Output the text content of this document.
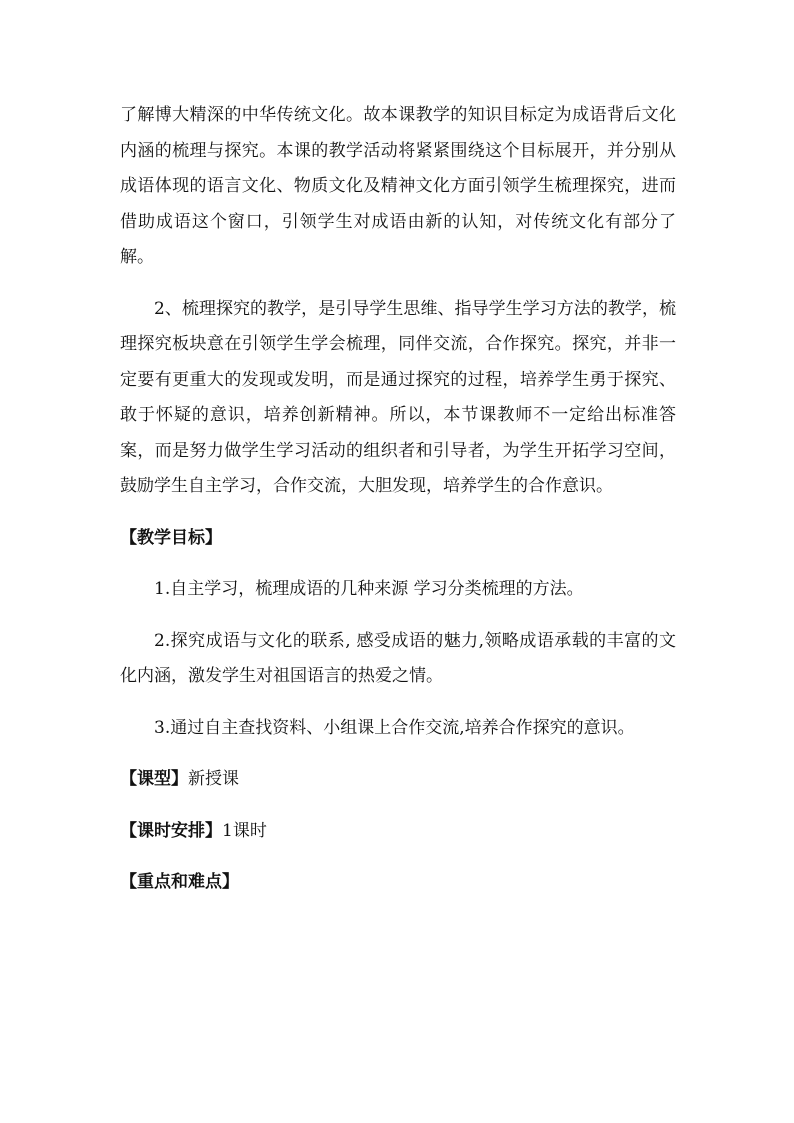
了解博大精深的中华传统文化。故本课教学的知识目标定为成语背后文化内涵的梳理与探究。本课的教学活动将紧紧围绕这个目标展开，并分别从成语体现的语言文化、物质文化及精神文化方面引领学生梳理探究，进而借助成语这个窗口，引领学生对成语由新的认知，对传统文化有部分了解。

2、梳理探究的教学，是引导学生思维、指导学生学习方法的教学，梳理探究板块意在引领学生学会梳理，同伴交流，合作探究。探究，并非一定要有更重大的发现或发明，而是通过探究的过程，培养学生勇于探究、敢于怀疑的意识，培养创新精神。所以，本节课教师不一定给出标准答案，而是努力做学生学习活动的组织者和引导者，为学生开拓学习空间，鼓励学生自主学习，合作交流，大胆发现，培养学生的合作意识。

【教学目标】

1.自主学习，梳理成语的几种来源 学习分类梳理的方法。

2.探究成语与文化的联系, 感受成语的魅力,领略成语承载的丰富的文化内涵，激发学生对祖国语言的热爱之情。

3.通过自主查找资料、小组课上合作交流,培养合作探究的意识。

【课型】新授课

【课时安排】1课时

【重点和难点】
